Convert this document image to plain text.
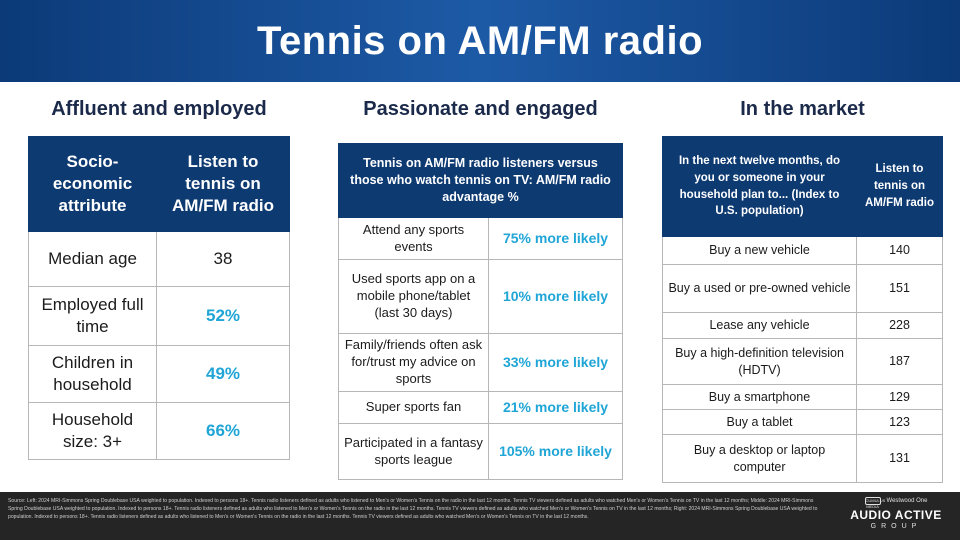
Tennis on AM/FM radio
Affluent and employed	Passionate and engaged	In the market
Socio-economic attribute	Listen to tennis on AM/FM radio
Median age	38
Employed full time	52%
Children in household	49%
Household size: 3+	66%
Tennis on AM/FM radio listeners versus those who watch tennis on TV: AM/FM radio advantage %	
Attend any sports events	75% more likely
Used sports app on a mobile phone/tablet (last 30 days)	10% more likely
Family/friends often ask for/trust my advice on sports	33% more likely
Super sports fan	21% more likely
Participated in a fantasy sports league	105% more likely
In the next twelve months, do you or someone in your household plan to... (Index to U.S. population)	Listen to tennis on AM/FM radio
Buy a new vehicle	140
Buy a used or pre-owned vehicle	151
Lease any vehicle	228
Buy a high-definition television (HDTV)	187
Buy a smartphone	129
Buy a tablet	123
Buy a desktop or laptop computer	131

Source: Left: 2024 MRI-Simmons Spring Doublebase USA weighted to population. Indexed to persons 18+. Tennis radio listeners defined as adults who listened to Men's or Women's Tennis on the radio in the last 12 months. Tennis TV viewers defined as adults who watched Men's or Women's Tennis on TV in the last 12 months; Middle: 2024 MRI-Simmons Spring Doublebase USA weighted to population. Indexed to persons 18+. Tennis radio listeners defined as adults who listened to Men's or Women's Tennis on the radio in the last 12 months. Tennis TV viewers defined as adults who watched Men's or Women's Tennis on TV in the last 12 months; Right: 2024 MRI-Simmons Spring Doublebase USA weighted to population. Indexed to persons 18+. Tennis radio listeners defined as adults who listened to Men's or Women's Tennis on the radio in the last 12 months. Tennis TV viewers defined as adults who watched Men's or Women's Tennis on TV in the last 12 months.

CUMULUS MEDIA
Westwood One
AUDIO ACTIVE
GROUP
